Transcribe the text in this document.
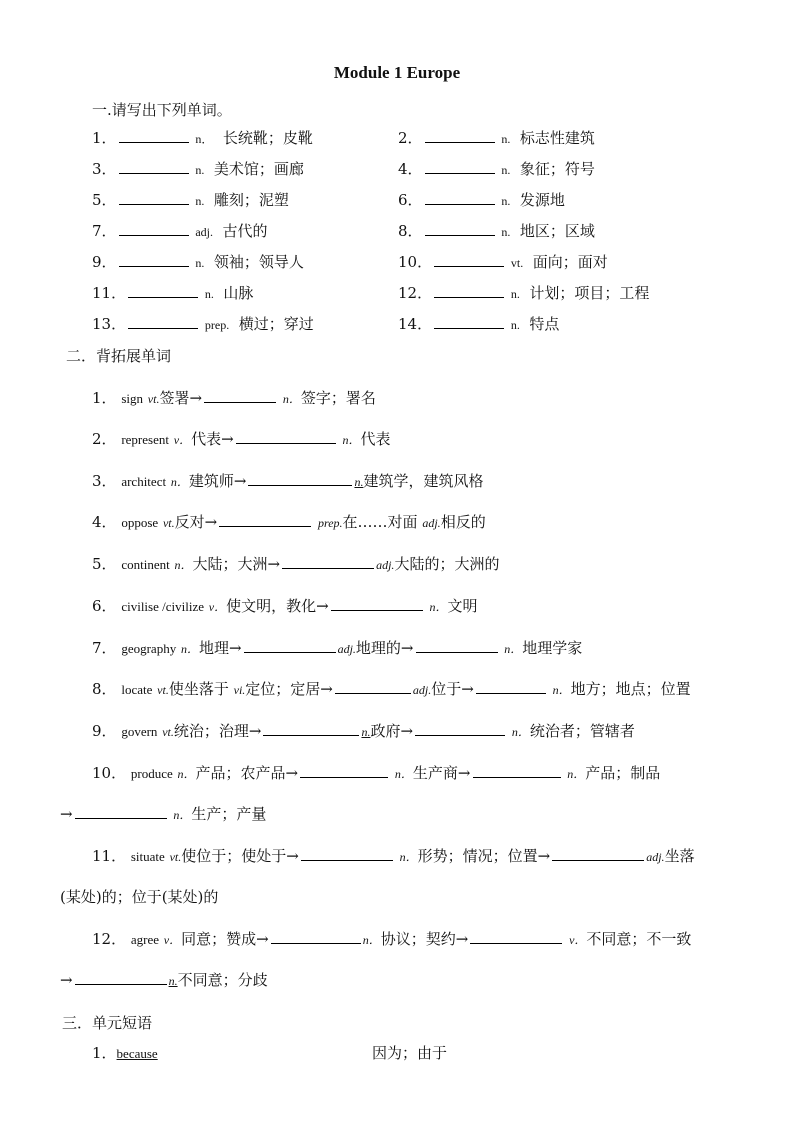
Module 1 Europe
一.请写出下列单词。
1．	n． 长统靴；皮靴	2．	n. 标志性建筑
3．	n. 美术馆；画廊	4．	n. 象征；符号
5．	n. 雕刻；泥塑	6．	n. 发源地
7．	adj. 古代的	8．	n. 地区；区域
9．	n. 领袖；领导人	10．	vt. 面向；面对
11．	n. 山脉	12．	n. 计划；项目；工程
13．	prep. 横过；穿过	14．	n. 特点
二．背拓展单词
1． sign vt.签署→	n．签字；署名
2． represent v．代表→	n．代表
3． architect n．建筑师→	n.建筑学，建筑风格
4． oppose vt.反对→	prep.在……对面 adj.相反的
5． continent n．大陆；大洲→	adj.大陆的；大洲的
6． civilise /civilize v．使文明，教化→	n．文明
7． geography n．地理→	adj.地理的→	n．地理学家
8． locate vt.使坐落于 vi.定位；定居→	adj.位于→	n．地方；地点；位置
9． govern vt.统治；治理→	n.政府→	n．统治者；管辖者
10． produce n．产品；农产品→	n．生产商→	n．产品；制品
→	n．生产；产量
11． situate vt.使位于；使处于→	n．形势；情况；位置→	adj.坐落
(某处)的；位于(某处)的
12． agree v．同意；赞成→	n．协议；契约→	v．不同意；不一致
→	n.不同意；分歧
三．单元短语
1．because	因为；由于
